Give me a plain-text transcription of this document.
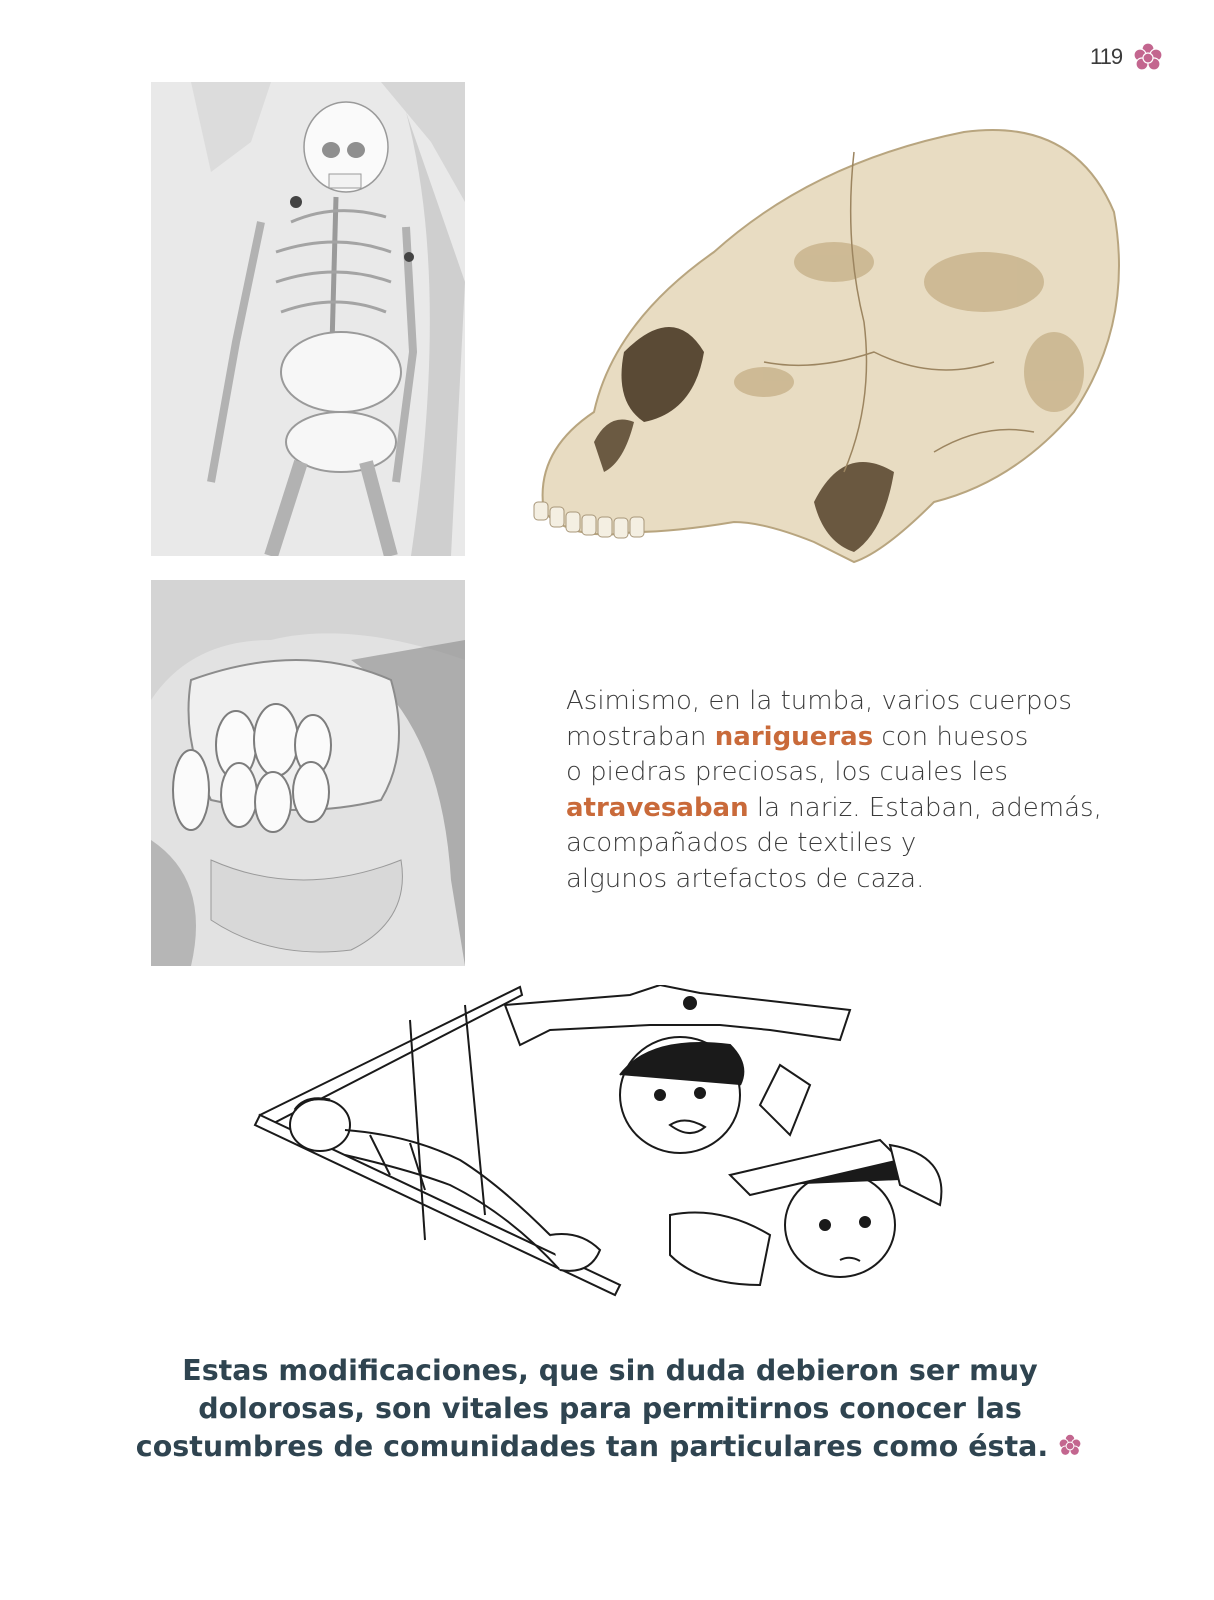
119
Asimismo, en la tumba, varios cuerpos
mostraban narigueras con huesos
o piedras preciosas, los cuales les
atravesaban la nariz. Estaban, además,
acompañados de textiles y
algunos artefactos de caza.
Estas modificaciones, que sin duda debieron ser muy
dolorosas, son vitales para permitirnos conocer las
costumbres de comunidades tan particulares como ésta.
